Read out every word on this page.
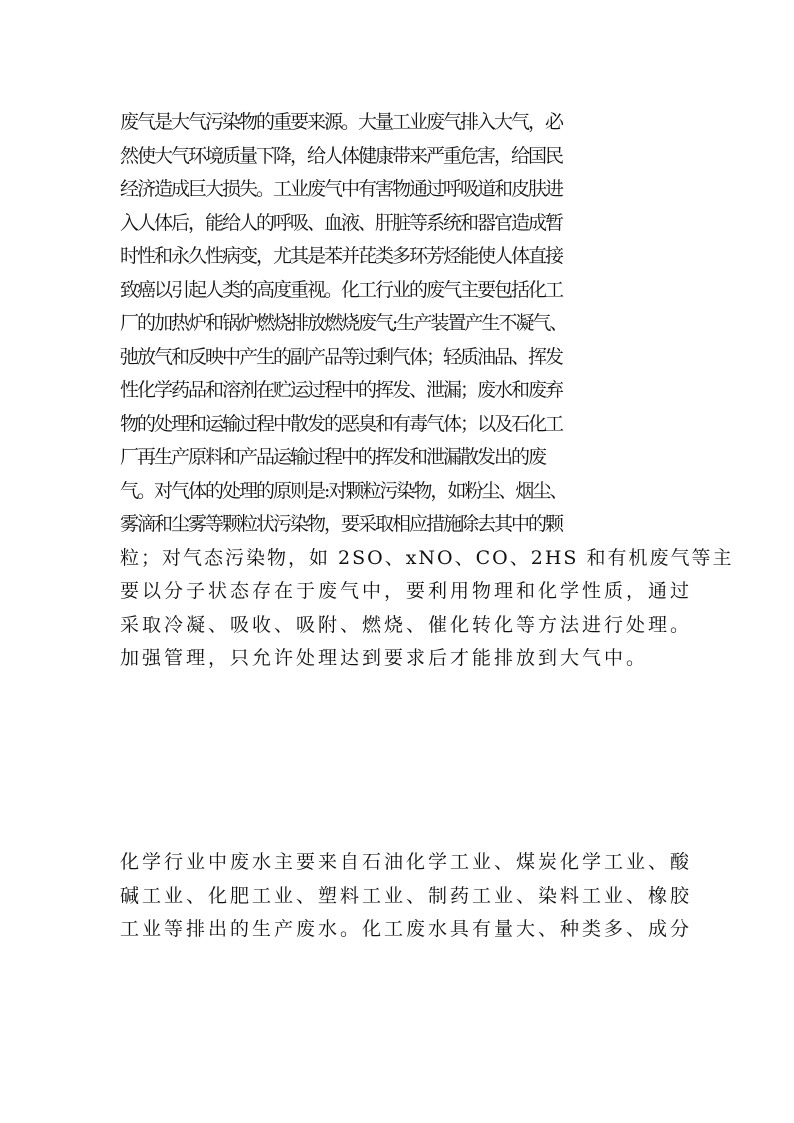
废气是大气污染物的重要来源。大量工业废气排入大气，必
然使大气环境质量下降，给人体健康带来严重危害，给国民
经济造成巨大损失。工业废气中有害物通过呼吸道和皮肤进
入人体后，能给人的呼吸、血液、肝脏等系统和器官造成暂
时性和永久性病变，尤其是苯并芘类多环芳烃能使人体直接
致癌以引起人类的高度重视。化工行业的废气主要包括化工
厂的加热炉和锅炉燃烧排放燃烧废气;生产装置产生不凝气、
弛放气和反映中产生的副产品等过剩气体；轻质油品、挥发
性化学药品和溶剂在贮运过程中的挥发、泄漏；废水和废弃
物的处理和运输过程中散发的恶臭和有毒气体；以及石化工
厂再生产原料和产品运输过程中的挥发和泄漏散发出的废
气。对气体的处理的原则是:对颗粒污染物，如粉尘、烟尘、
雾滴和尘雾等颗粒状污染物，要采取相应措施除去其中的颗
粒；对气态污染物，如 2SO、xNO、CO、2HS 和有机废气等主
要以分子状态存在于废气中，要利用物理和化学性质，通过
采取冷凝、吸收、吸附、燃烧、催化转化等方法进行处理。
加强管理，只允许处理达到要求后才能排放到大气中。
化学行业中废水主要来自石油化学工业、煤炭化学工业、酸
碱工业、化肥工业、塑料工业、制药工业、染料工业、橡胶
工业等排出的生产废水。化工废水具有量大、种类多、成分
